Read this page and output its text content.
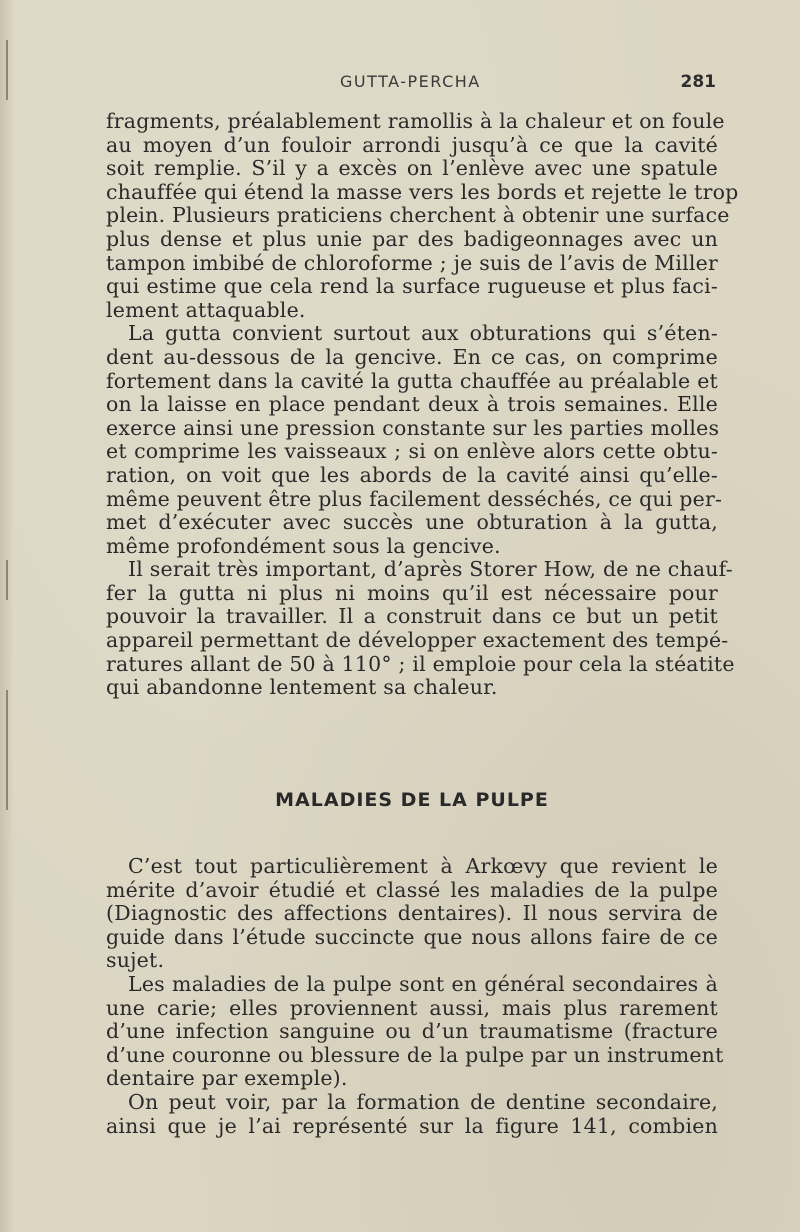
GUTTA-PERCHA	281
fragments, préalablement ramollis à la chaleur et on foule
au moyen d’un fouloir arrondi jusqu’à ce que la cavité
soit remplie. S’il y a excès on l’enlève avec une spatule
chauffée qui étend la masse vers les bords et rejette le trop
plein. Plusieurs praticiens cherchent à obtenir une surface
plus dense et plus unie par des badigeonnages avec un
tampon imbibé de chloroforme ; je suis de l’avis de Miller
qui estime que cela rend la surface rugueuse et plus faci-
lement attaquable.
La gutta convient surtout aux obturations qui s’éten-
dent au-dessous de la gencive. En ce cas, on comprime
fortement dans la cavité la gutta chauffée au préalable et
on la laisse en place pendant deux à trois semaines. Elle
exerce ainsi une pression constante sur les parties molles
et comprime les vaisseaux ; si on enlève alors cette obtu-
ration, on voit que les abords de la cavité ainsi qu’elle-
même peuvent être plus facilement desséchés, ce qui per-
met d’exécuter avec succès une obturation à la gutta,
même profondément sous la gencive.
Il serait très important, d’après Storer How, de ne chauf-
fer la gutta ni plus ni moins qu’il est nécessaire pour
pouvoir la travailler. Il a construit dans ce but un petit
appareil permettant de développer exactement des tempé-
ratures allant de 50 à 110° ; il emploie pour cela la stéatite
qui abandonne lentement sa chaleur.
MALADIES DE LA PULPE
C’est tout particulièrement à Arkœvy que revient le
mérite d’avoir étudié et classé les maladies de la pulpe
(Diagnostic des affections dentaires). Il nous servira de
guide dans l’étude succincte que nous allons faire de ce
sujet.
Les maladies de la pulpe sont en général secondaires à
une carie; elles proviennent aussi, mais plus rarement
d’une infection sanguine ou d’un traumatisme (fracture
d’une couronne ou blessure de la pulpe par un instrument
dentaire par exemple).
On peut voir, par la formation de dentine secondaire,
ainsi que je l’ai représenté sur la figure 141, combien
